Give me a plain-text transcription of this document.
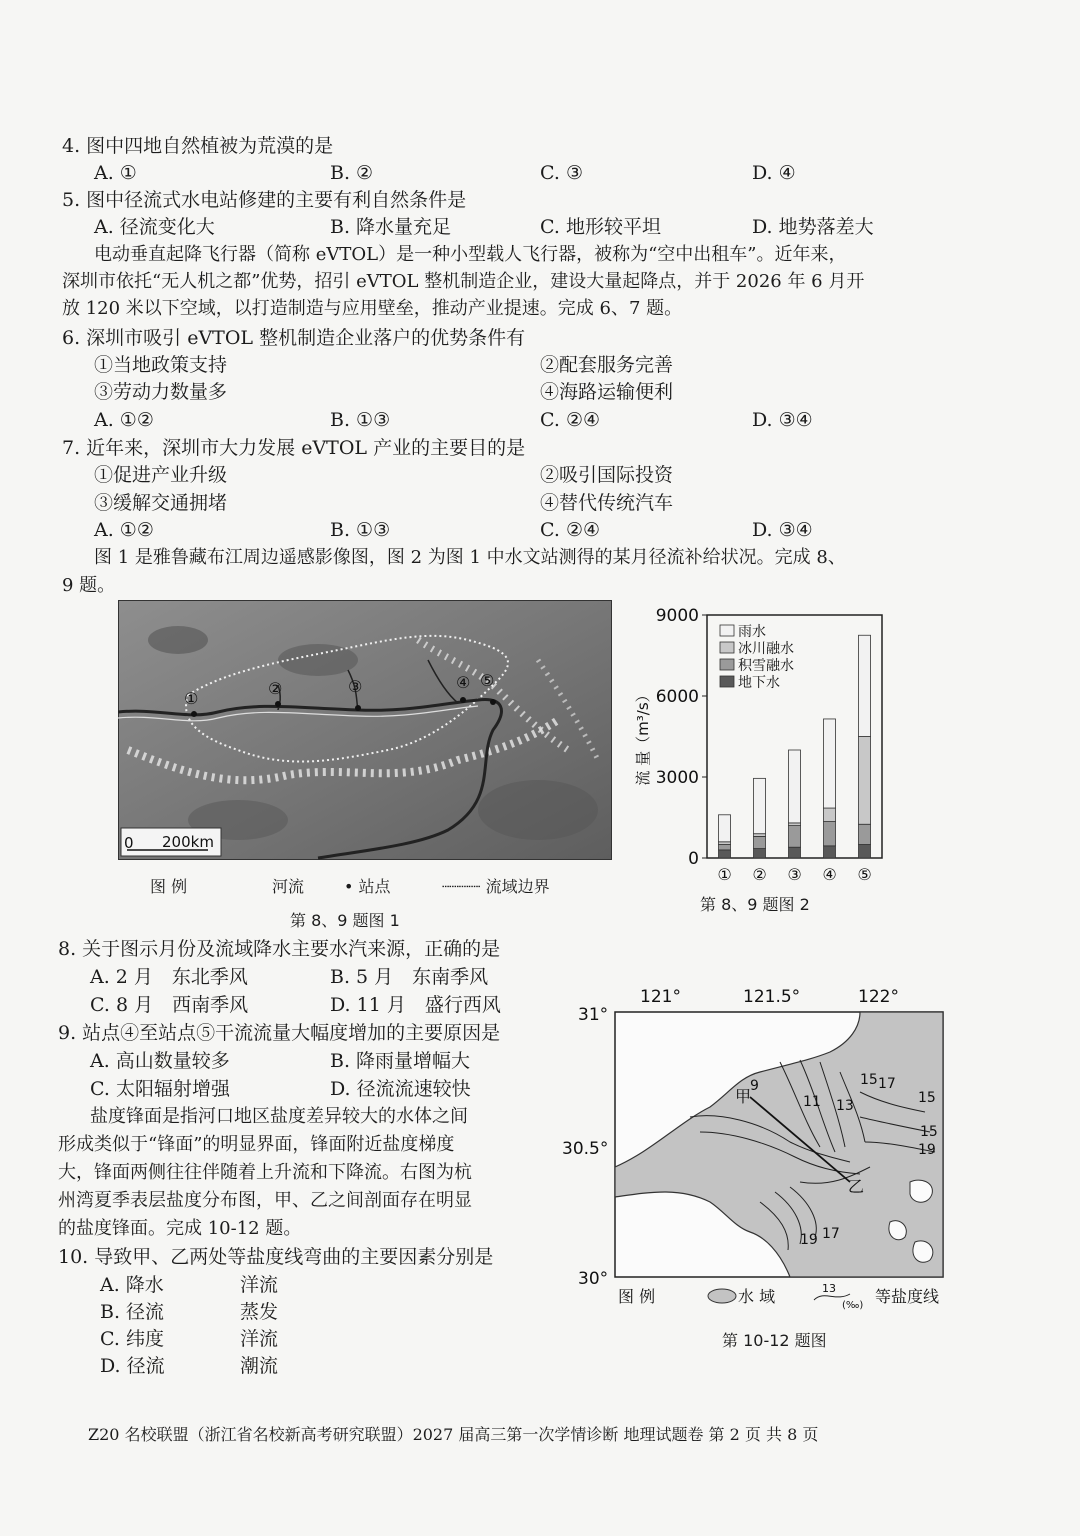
4. 图中四地自然植被为荒漠的是
A. ①	B. ②	C. ③	D. ④
5. 图中径流式水电站修建的主要有利自然条件是
A. 径流变化大	B. 降水量充足	C. 地形较平坦	D. 地势落差大
电动垂直起降飞行器（简称 eVTOL）是一种小型载人飞行器，被称为“空中出租车”。近年来，
深圳市依托“无人机之都”优势，招引 eVTOL 整机制造企业，建设大量起降点，并于 2026 年 6 月开
放 120 米以下空域，以打造制造与应用壁垒，推动产业提速。完成 6、7 题。
6. 深圳市吸引 eVTOL 整机制造企业落户的优势条件有
①当地政策支持	②配套服务完善
③劳动力数量多	④海路运输便利
A. ①②	B. ①③	C. ②④	D. ③④
7. 近年来，深圳市大力发展 eVTOL 产业的主要目的是
①促进产业升级	②吸引国际投资
③缓解交通拥堵	④替代传统汽车
A. ①②	B. ①③	C. ②④	D. ③④
图 1 是雅鲁藏布江周边遥感影像图，图 2 为图 1 中水文站测得的某月径流补给状况。完成 8、
9 题。
①
②	③	④ ⑤
0 200km
图 例	河流 • 站点	┈┈┈┈ 流域边界
第 8、9 题图 1
0
3000
6000
9000
流 量（m³/s）
① ② ③ ④ ⑤
雨水
冰川融水
积雪融水
地下水
第 8、9 题图 2
8. 关于图示月份及流域降水主要水汽来源，正确的是
A. 2 月　东北季风	B. 5 月　东南季风
C. 8 月　西南季风	D. 11 月　盛行西风
9. 站点④至站点⑤干流流量大幅度增加的主要原因是
A. 高山数量较多	B. 降雨量增幅大
C. 太阳辐射增强	D. 径流流速较快
盐度锋面是指河口地区盐度差异较大的水体之间
形成类似于“锋面”的明显界面，锋面附近盐度梯度
大，锋面两侧往往伴随着上升流和下降流。右图为杭
州湾夏季表层盐度分布图，甲、乙之间剖面存在明显
的盐度锋面。完成 10-12 题。
10. 导致甲、乙两处等盐度线弯曲的主要因素分别是
A. 降水	洋流
B. 径流	蒸发
C. 纬度	洋流
D. 径流	潮流
121°	121.5°	122°
31°
30.5°
30°
甲
乙
9
11 13
15 17
15
15
19
19 17
图 例	水 域	13
(‰) 等盐度线
第 10-12 题图
Z20 名校联盟（浙江省名校新高考研究联盟）2027 届高三第一次学情诊断 地理试题卷 第 2 页 共 8 页
